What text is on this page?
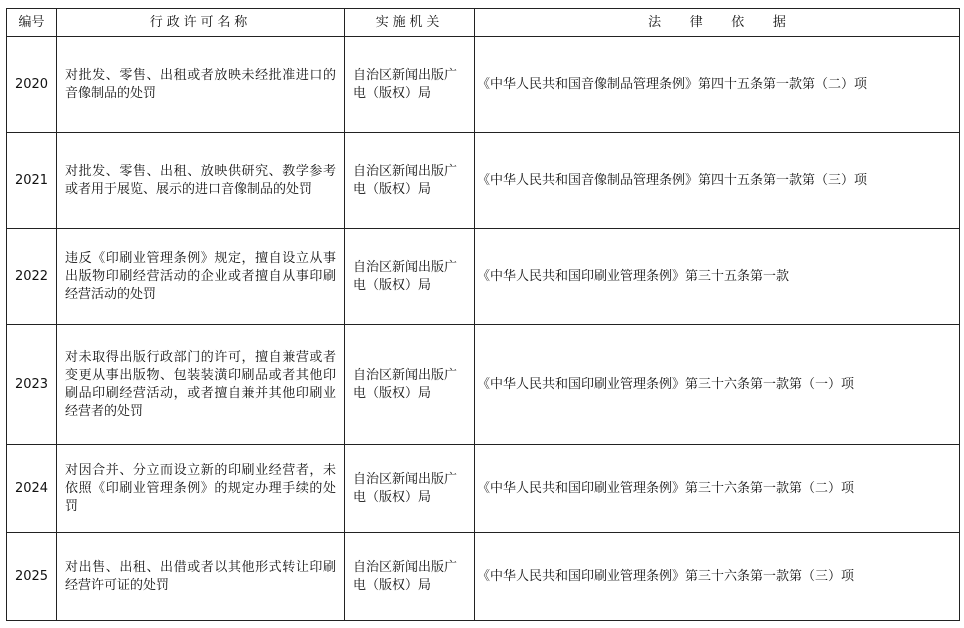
编号	行政许可名称	实施机关	法律依据
2020	对批发、零售、出租或者放映未经批准进口的音像制品的处罚	自治区新闻出版广电（版权）局	《中华人民共和国音像制品管理条例》第四十五条第一款第（二）项
2021	对批发、零售、出租、放映供研究、教学参考或者用于展览、展示的进口音像制品的处罚	自治区新闻出版广电（版权）局	《中华人民共和国音像制品管理条例》第四十五条第一款第（三）项
2022	违反《印刷业管理条例》规定，擅自设立从事出版物印刷经营活动的企业或者擅自从事印刷经营活动的处罚	自治区新闻出版广电（版权）局	《中华人民共和国印刷业管理条例》第三十五条第一款
2023	对未取得出版行政部门的许可，擅自兼营或者变更从事出版物、包装装潢印刷品或者其他印刷品印刷经营活动，或者擅自兼并其他印刷业经营者的处罚	自治区新闻出版广电（版权）局	《中华人民共和国印刷业管理条例》第三十六条第一款第（一）项
2024	对因合并、分立而设立新的印刷业经营者，未依照《印刷业管理条例》的规定办理手续的处罚	自治区新闻出版广电（版权）局	《中华人民共和国印刷业管理条例》第三十六条第一款第（二）项
2025	对出售、出租、出借或者以其他形式转让印刷经营许可证的处罚	自治区新闻出版广电（版权）局	《中华人民共和国印刷业管理条例》第三十六条第一款第（三）项
